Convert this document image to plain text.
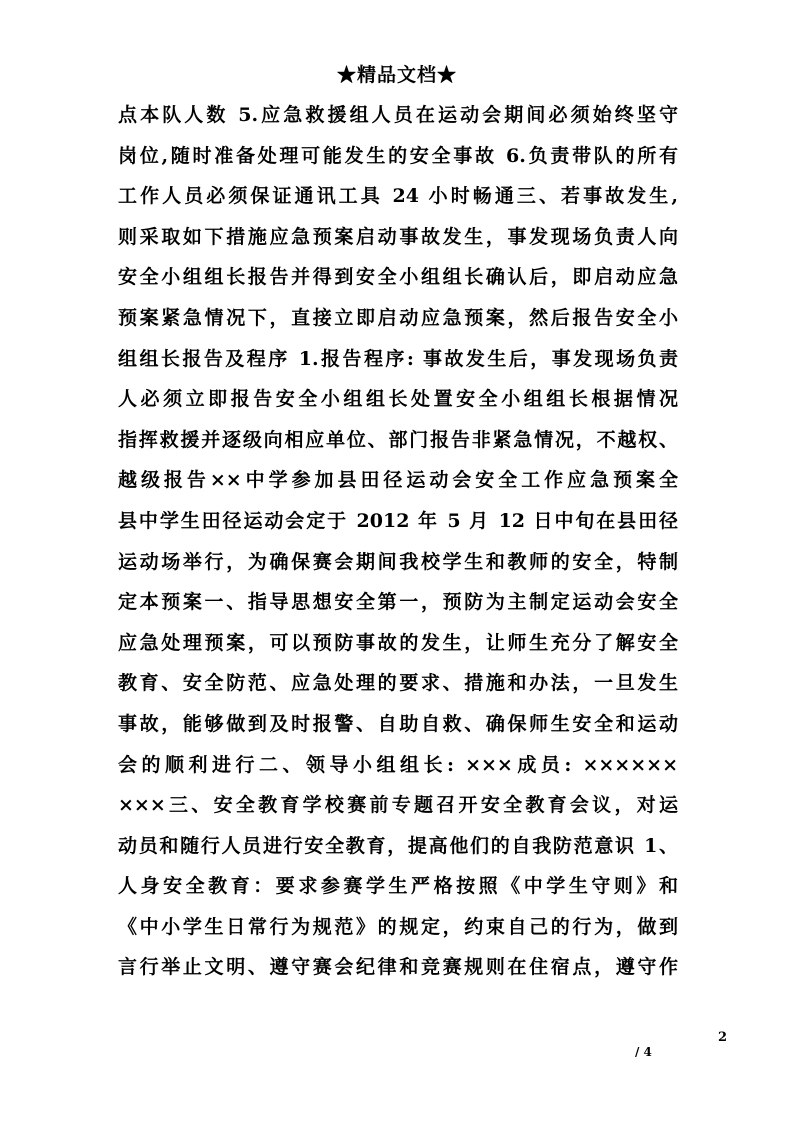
★精品文档★
点本队人数 5.应急救援组人员在运动会期间必须始终坚守
岗位,随时准备处理可能发生的安全事故 6.负责带队的所有
工作人员必须保证通讯工具 24 小时畅通三、若事故发生,
则采取如下措施应急预案启动事故发生，事发现场负责人向
安全小组组长报告并得到安全小组组长确认后，即启动应急
预案紧急情况下，直接立即启动应急预案，然后报告安全小
组组长报告及程序 1.报告程序: 事故发生后，事发现场负责
人必须立即报告安全小组组长处置安全小组组长根据情况
指挥救援并逐级向相应单位、部门报告非紧急情况，不越权、
越级报告××中学参加县田径运动会安全工作应急预案全
县中学生田径运动会定于 2012 年 5 月 12 日中旬在县田径
运动场举行，为确保赛会期间我校学生和教师的安全，特制
定本预案一、指导思想安全第一，预防为主制定运动会安全
应急处理预案，可以预防事故的发生，让师生充分了解安全
教育、安全防范、应急处理的要求、措施和办法，一旦发生
事故，能够做到及时报警、自助自救、确保师生安全和运动
会的顺利进行二、领导小组组长: ×××成员: ××××××
×××三、安全教育学校赛前专题召开安全教育会议，对运
动员和随行人员进行安全教育，提高他们的自我防范意识 1、
人身安全教育：要求参赛学生严格按照《中学生守则》和
《中小学生日常行为规范》的规定，约束自己的行为，做到
言行举止文明、遵守赛会纪律和竞赛规则在住宿点，遵守作
2
/ 4
